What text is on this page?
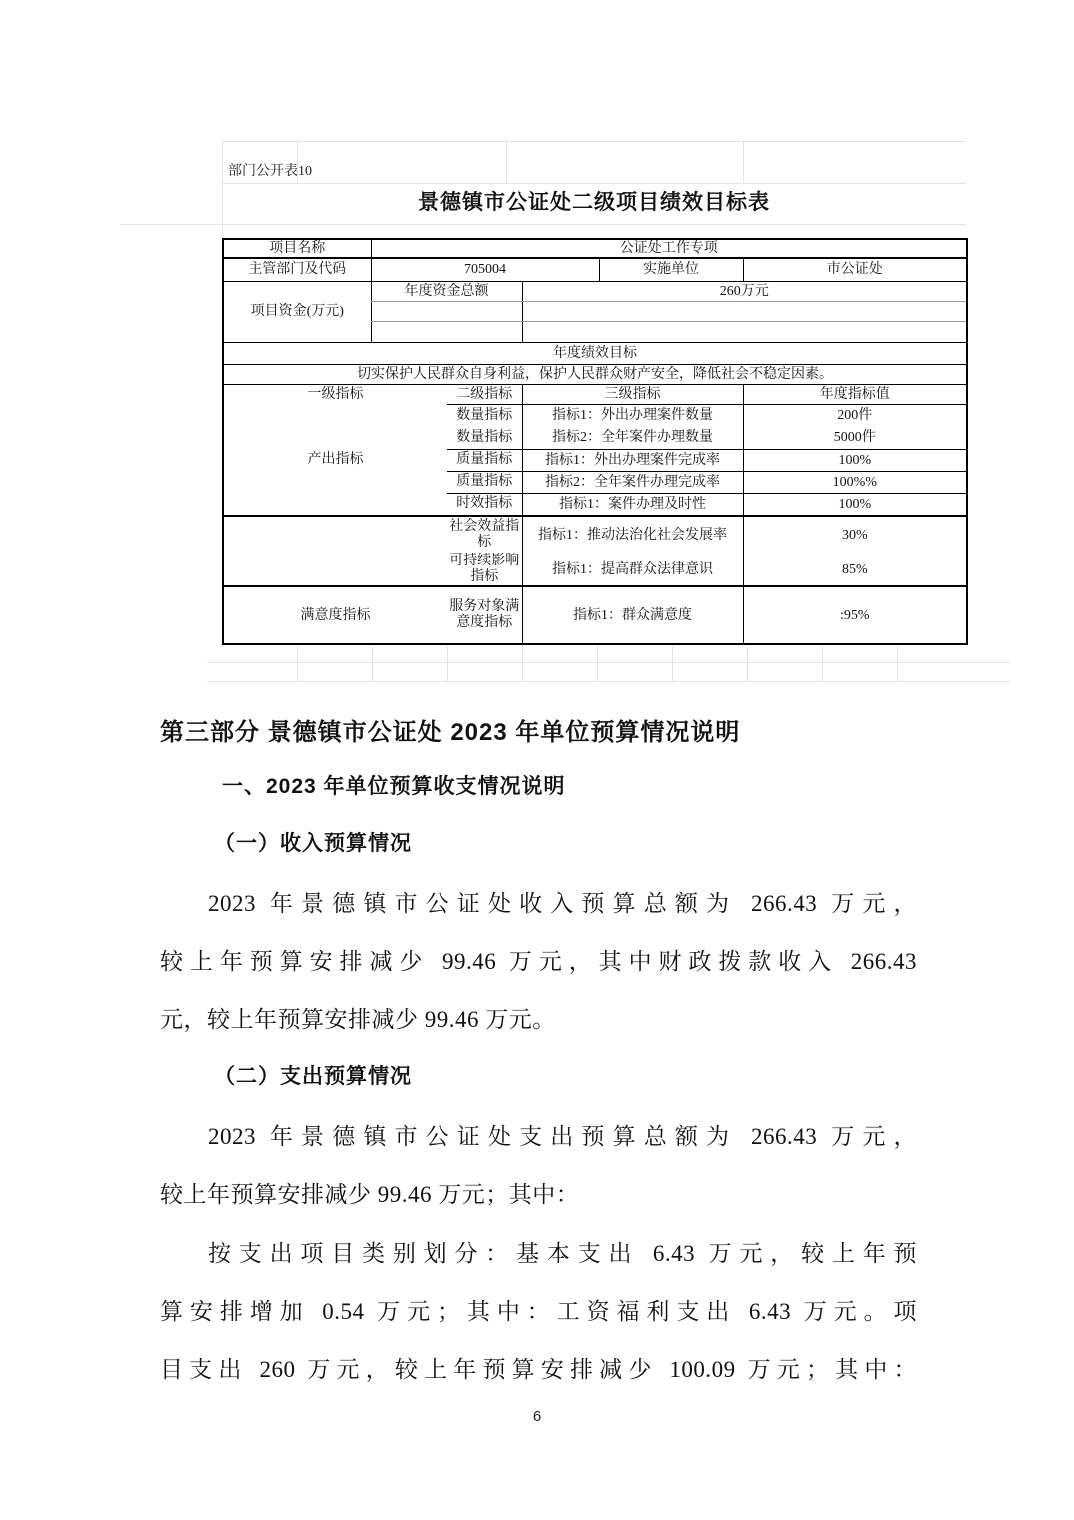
部门公开表10
景德镇市公证处二级项目绩效目标表
项目名称	公证处工作专项				
主管部门及代码	705004			实施单位	市公证处
项目资金(万元)	年度资金总额		260万元		

年度绩效目标					
切实保护人民群众自身利益，保护人民群众财产安全，降低社会不稳定因素。					
一级指标		二级指标	三级指标		年度指标值
产出指标		数量指标	指标1：外出办理案件数量		200件
		数量指标	指标2：全年案件办理数量		5000件
		质量指标	指标1：外出办理案件完成率		100%
		质量指标	指标2：全年案件办理完成率		100%%
		时效指标	指标1：案件办理及时性		100%
		社会效益指标	指标1：推动法治化社会发展率		30%
		可持续影响指标	指标1：提高群众法律意识		85%
满意度指标		服务对象满意度指标	指标1：群众满意度		:95%
第三部分 景德镇市公证处 2023 年单位预算情况说明
一、2023 年单位预算收支情况说明
（一）收入预算情况
（二）支出预算情况
2023 年景德镇市公证处收入预算总额为 266.43 万元，
较上年预算安排减少 99.46 万元，其中财政拨款收入 266.43
元，较上年预算安排减少 99.46 万元。
2023 年景德镇市公证处支出预算总额为 266.43 万元，
较上年预算安排减少 99.46 万元；其中：
按支出项目类别划分：基本支出 6.43 万元，较上年预
算安排增加 0.54 万元；其中：工资福利支出 6.43 万元。项
目支出 260 万元，较上年预算安排减少 100.09 万元；其中：
6
